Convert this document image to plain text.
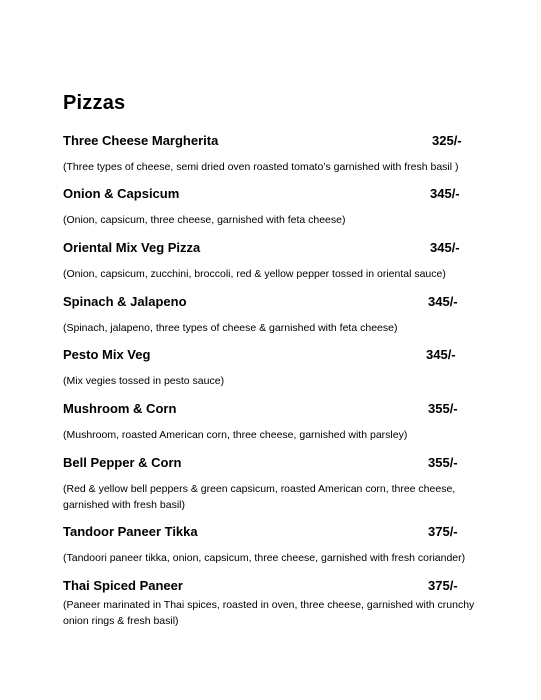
Pizzas
Three Cheese Margherita	325/-
(Three types of cheese, semi dried oven roasted tomato’s garnished with fresh basil )
Onion & Capsicum	345/-
(Onion, capsicum, three cheese, garnished with feta cheese)
Oriental Mix Veg Pizza	345/-
(Onion, capsicum, zucchini, broccoli, red & yellow pepper tossed in oriental sauce)
Spinach & Jalapeno	345/-
(Spinach, jalapeno, three types of cheese & garnished with feta cheese)
Pesto Mix Veg	345/-
(Mix vegies tossed in pesto sauce)
Mushroom & Corn	355/-
(Mushroom, roasted American corn, three cheese, garnished with parsley)
Bell Pepper & Corn	355/-
(Red & yellow bell peppers & green capsicum, roasted American corn, three cheese, garnished with fresh basil)
Tandoor Paneer Tikka	375/-
(Tandoori paneer tikka, onion, capsicum, three cheese, garnished with fresh coriander)
Thai Spiced Paneer	375/-
(Paneer marinated in Thai spices, roasted in oven, three cheese, garnished with crunchy onion rings & fresh basil)
